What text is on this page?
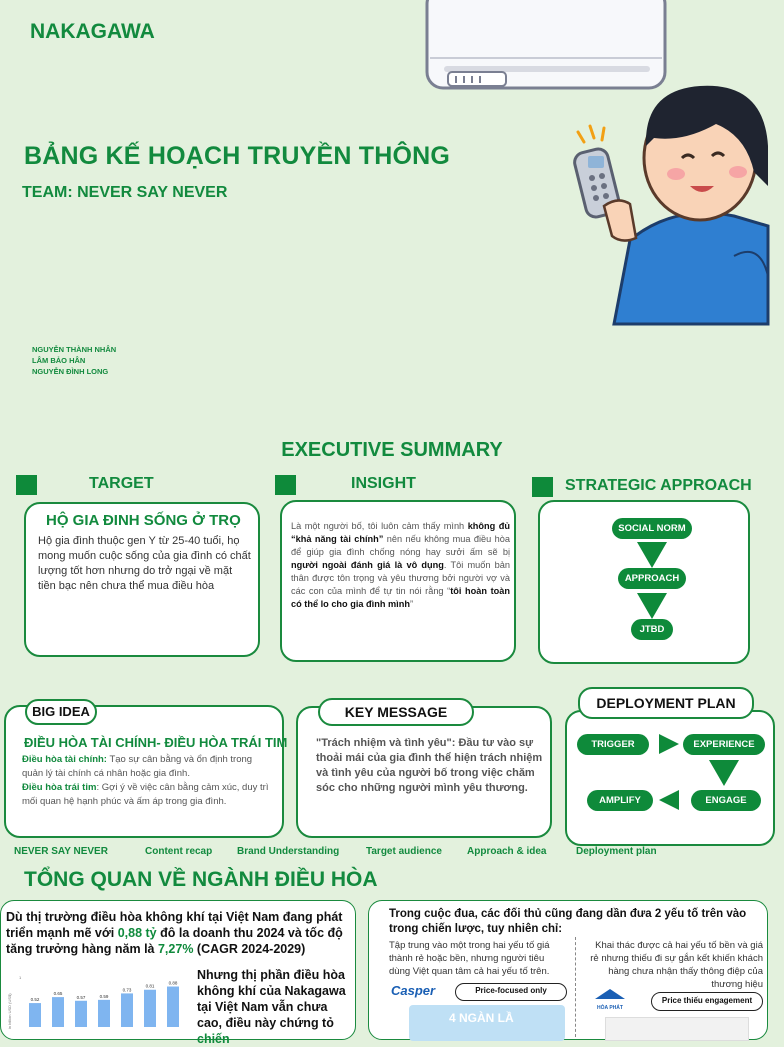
NAKAGAWA
BẢNG KẾ HOẠCH TRUYỀN THÔNG
TEAM: NEVER SAY NEVER
NGUYỄN THÀNH NHÂN
LÂM BẢO HÂN
NGUYỄN ĐÌNH LONG
EXECUTIVE SUMMARY
TARGET	INSIGHT	STRATEGIC APPROACH
HỘ GIA ĐINH SỐNG Ở TRỌ
Hộ gia đình thuộc gen Y từ 25-40 tuổi, họ mong muốn cuộc sống của gia đình có chất lượng tốt hơn nhưng do trở ngại về mặt tiền bạc nên chưa thể mua điều hòa
Là một người bố, tôi luôn cảm thấy mình không đủ “khả năng tài chính” nên nếu không mua điều hòa để giúp gia đình chống nóng hay sưởi ấm sẽ bị người ngoài đánh giá là vô dụng. Tôi muốn bản thân được tôn trọng và yêu thương bởi người vợ và các con của mình để tự tin nói rằng “tôi hoàn toàn có thể lo cho gia đình mình”
SOCIAL NORM
APPROACH
JTBD
Điều hòa tài chính: Tạo sự cân bằng và ổn định trong quản lý tài chính cá nhân hoặc gia đình.
Điều hòa trái tim: Gợi ý về việc cân bằng cảm xúc, duy trì mối quan hệ hạnh phúc và ấm áp trong gia đình.
BIG IDEA
ĐIỀU HÒA TÀI CHÍNH- ĐIỀU HÒA TRÁI TIM	"Trách nhiệm và tình yêu": Đầu tư vào sự thoải mái của gia đình thể hiện trách nhiệm và tình yêu của người bố trong việc chăm sóc cho những người mình yêu thương.
KEY MESSAGE
TRIGGER	EXPERIENCE
ENGAGE
AMPLIFY
DEPLOYMENT PLAN
NEVER SAY NEVER	Content recap Brand Understanding	Target audience	Approach & idea	Deployment plan
TỔNG QUAN VỀ NGÀNH ĐIỀU HÒA
Dù thị trường điều hòa không khí tại Việt Nam đang phát triển mạnh mẽ với 0,88 tỷ đô la doanh thu 2024 và tốc độ tăng trưởng hàng năm là 7,27% (CAGR 2024-2029)
in billion USD (US$)
1
0.52
0.65
0.57	0.59
0.73
0.81
0.88
Nhưng thị phần điều hòa không khí của Nakagawa tại Việt Nam vẫn chưa cao, điều này chứng tỏ chiến
Trong cuộc đua, các đối thủ cũng đang dần đưa 2 yếu tố trên vào trong chiến lược, tuy nhiên chỉ:
Tập trung vào một trong hai yếu tố giá thành rẻ hoặc bền, nhưng người tiêu dùng Việt quan tâm cả hai yếu tố trên.
Khai thác được cả hai yếu tố bền và giá rẻ nhưng thiếu đi sự gắn kết khiến khách hàng chưa nhận thấy thông điệp của thương hiệu
Casper	Price-focused only
4 NGÀN LẦ
HÒA PHÁT
Price thiếu engagement
